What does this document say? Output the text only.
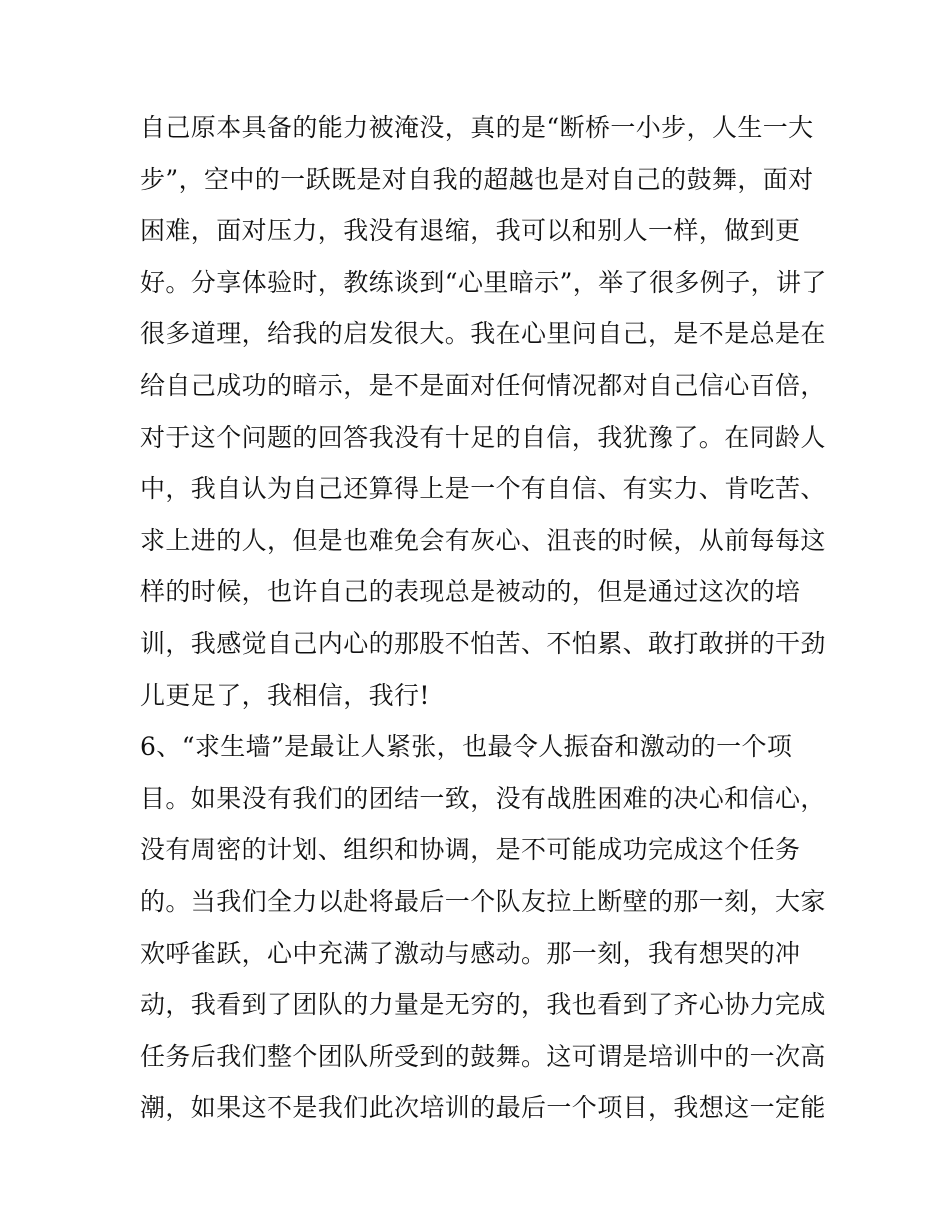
自己原本具备的能力被淹没，真的是“断桥一小步，人生一大
步”，空中的一跃既是对自我的超越也是对自己的鼓舞，面对
困难，面对压力，我没有退缩，我可以和别人一样，做到更
好。分享体验时，教练谈到“心里暗示”，举了很多例子，讲了
很多道理，给我的启发很大。我在心里问自己，是不是总是在
给自己成功的暗示，是不是面对任何情况都对自己信心百倍，
对于这个问题的回答我没有十足的自信，我犹豫了。在同龄人
中，我自认为自己还算得上是一个有自信、有实力、肯吃苦、
求上进的人，但是也难免会有灰心、沮丧的时候，从前每每这
样的时候，也许自己的表现总是被动的，但是通过这次的培
训，我感觉自己内心的那股不怕苦、不怕累、敢打敢拼的干劲
儿更足了，我相信，我行!
6、“求生墙”是最让人紧张，也最令人振奋和激动的一个项
目。如果没有我们的团结一致，没有战胜困难的决心和信心，
没有周密的计划、组织和协调，是不可能成功完成这个任务
的。当我们全力以赴将最后一个队友拉上断壁的那一刻，大家
欢呼雀跃，心中充满了激动与感动。那一刻，我有想哭的冲
动，我看到了团队的力量是无穷的，我也看到了齐心协力完成
任务后我们整个团队所受到的鼓舞。这可谓是培训中的一次高
潮，如果这不是我们此次培训的最后一个项目，我想这一定能
